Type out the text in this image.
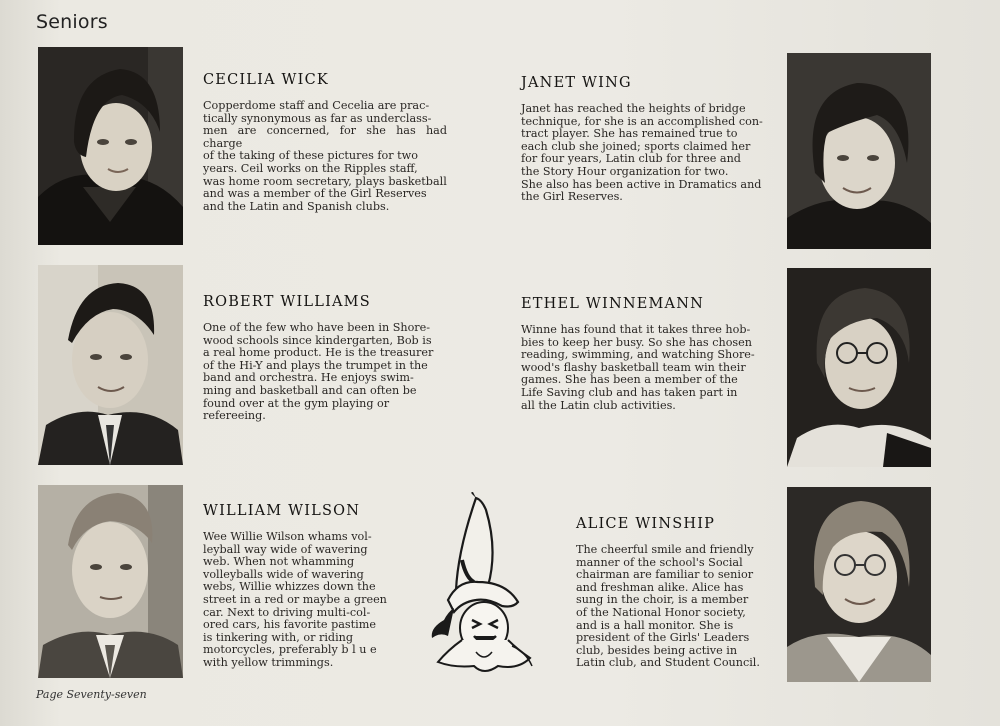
Seniors
CECILIA WICK

Copperdome staff and Cecelia are prac-
tically synonymous as far as underclass-
men are concerned, for she has had charge
of the taking of these pictures for two
years. Ceil works on the Ripples staff,
was home room secretary, plays basketball
and was a member of the Girl Reserves
and the Latin and Spanish clubs.

JANET WING

Janet has reached the heights of bridge
technique, for she is an accomplished con-
tract player. She has remained true to
each club she joined; sports claimed her
for four years, Latin club for three and
the Story Hour organization for two.
She also has been active in Dramatics and
the Girl Reserves.

ROBERT WILLIAMS

One of the few who have been in Shore-
wood schools since kindergarten, Bob is
a real home product. He is the treasurer
of the Hi-Y and plays the trumpet in the
band and orchestra. He enjoys swim-
ming and basketball and can often be
found over at the gym playing or
refereeing.

ETHEL WINNEMANN

Winne has found that it takes three hob-
bies to keep her busy. So she has chosen
reading, swimming, and watching Shore-
wood's flashy basketball team win their
games. She has been a member of the
Life Saving club and has taken part in
all the Latin club activities.

WILLIAM WILSON

Wee Willie Wilson whams vol-
leyball way wide of wavering
web. When not whamming
volleyballs wide of wavering
webs, Willie whizzes down the
street in a red or maybe a green
car. Next to driving multi-col-
ored cars, his favorite pastime
is tinkering with, or riding
motorcycles, preferably b l u e
with yellow trimmings.

ALICE WINSHIP

The cheerful smile and friendly
manner of the school's Social
chairman are familiar to senior
and freshman alike. Alice has
sung in the choir, is a member
of the National Honor society,
and is a hall monitor. She is
president of the Girls' Leaders
club, besides being active in
Latin club, and Student Council.

Page Seventy-seven
